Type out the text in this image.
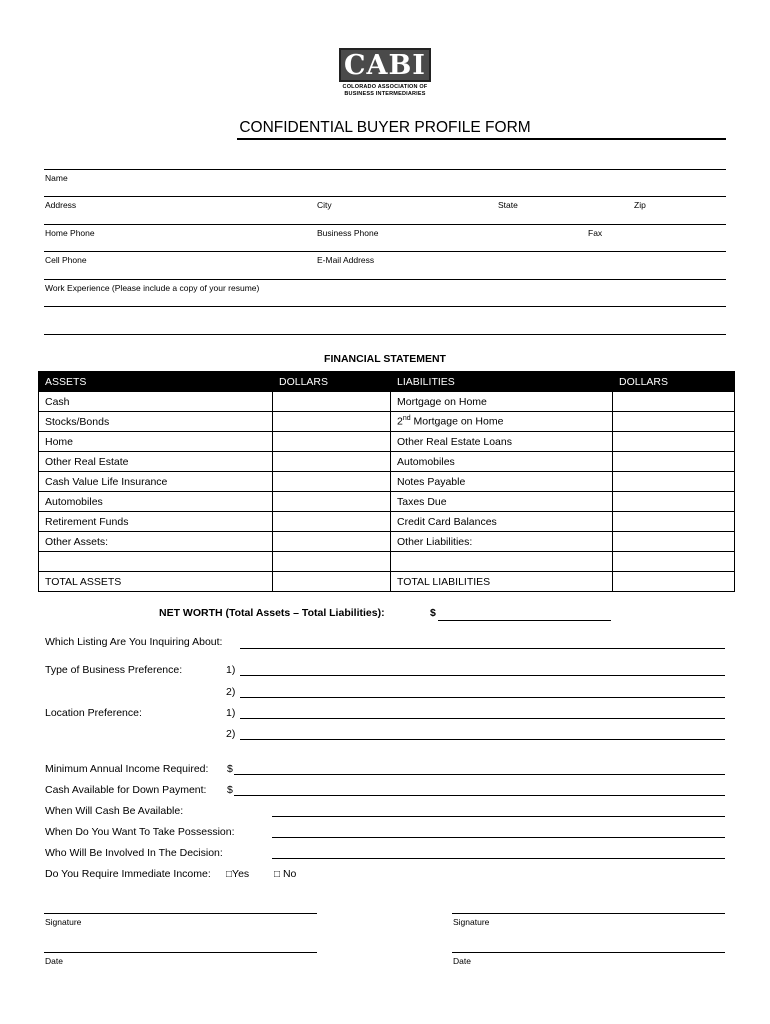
CABI
COLORADO ASSOCIATION OF
BUSINESS INTERMEDIARIES
CONFIDENTIAL BUYER PROFILE FORM
Name
Address	City	State	Zip
Home Phone	Business Phone	Fax
Cell Phone	E-Mail Address
Work Experience (Please include a copy of your resume)
FINANCIAL STATEMENT
ASSETS	DOLLARS	LIABILITIES	DOLLARS
Cash		Mortgage on Home	
Stocks/Bonds		2nd Mortgage on Home	
Home		Other Real Estate Loans	
Other Real Estate		Automobiles	
Cash Value Life Insurance		Notes Payable	
Automobiles		Taxes Due	
Retirement Funds		Credit Card Balances	
Other Assets:		Other Liabilities:	

TOTAL ASSETS		TOTAL LIABILITIES	
NET WORTH (Total Assets – Total Liabilities):	$
Which Listing Are You Inquiring About:
Type of Business Preference:	1)
2)
Location Preference:	1)
2)
Minimum Annual Income Required: $
Cash Available for Down Payment: $
When Will Cash Be Available:
When Do You Want To Take Possession:
Who Will Be Involved In The Decision:
Do You Require Immediate Income: □Yes □ No
Signature	Signature
Date	Date
